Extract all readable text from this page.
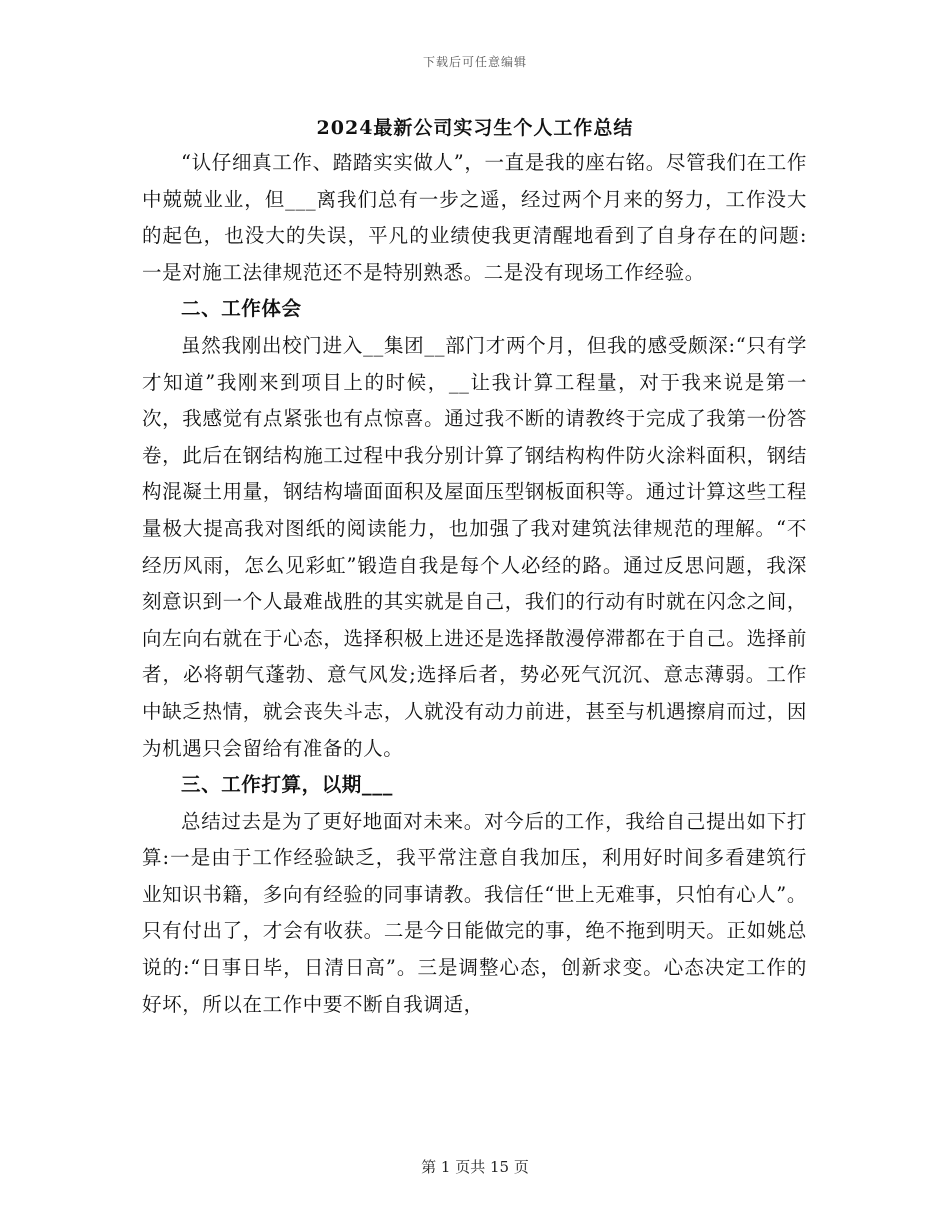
下载后可任意编辑
2024最新公司实习生个人工作总结

“认仔细真工作、踏踏实实做人”，一直是我的座右铭。尽管我们在工作中兢兢业业，但___离我们总有一步之遥，经过两个月来的努力，工作没大的起色，也没大的失误，平凡的业绩使我更清醒地看到了自身存在的问题:一是对施工法律规范还不是特别熟悉。二是没有现场工作经验。

二、工作体会

虽然我刚出校门进入__集团__部门才两个月，但我的感受颇深:“只有学才知道”我刚来到项目上的时候，__让我计算工程量，对于我来说是第一次，我感觉有点紧张也有点惊喜。通过我不断的请教终于完成了我第一份答卷，此后在钢结构施工过程中我分别计算了钢结构构件防火涂料面积，钢结构混凝土用量，钢结构墙面面积及屋面压型钢板面积等。通过计算这些工程量极大提高我对图纸的阅读能力，也加强了我对建筑法律规范的理解。“不经历风雨，怎么见彩虹”锻造自我是每个人必经的路。通过反思问题，我深刻意识到一个人最难战胜的其实就是自己，我们的行动有时就在闪念之间，向左向右就在于心态，选择积极上进还是选择散漫停滞都在于自己。选择前者，必将朝气蓬勃、意气风发;选择后者，势必死气沉沉、意志薄弱。工作中缺乏热情，就会丧失斗志，人就没有动力前进，甚至与机遇擦肩而过，因为机遇只会留给有准备的人。

三、工作打算，以期___

总结过去是为了更好地面对未来。对今后的工作，我给自己提出如下打算:一是由于工作经验缺乏，我平常注意自我加压，利用好时间多看建筑行业知识书籍，多向有经验的同事请教。我信任“世上无难事，只怕有心人”。只有付出了，才会有收获。二是今日能做完的事，绝不拖到明天。正如姚总说的:“日事日毕，日清日高”。三是调整心态，创新求变。心态决定工作的好坏，所以在工作中要不断自我调适，

第 1 页共 15 页
